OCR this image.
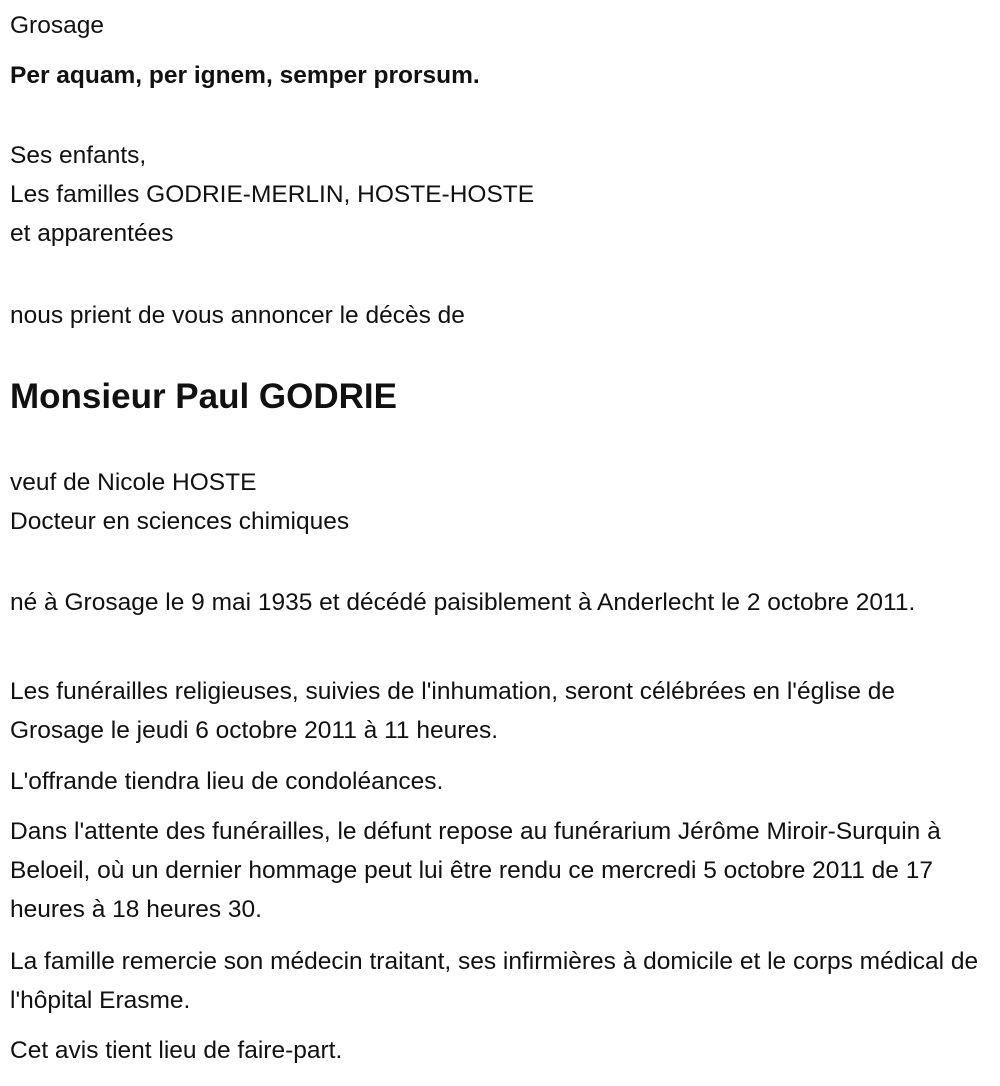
Grosage

Per aquam, per ignem, semper prorsum.

Ses enfants,
Les familles GODRIE-MERLIN, HOSTE-HOSTE
et apparentées

nous prient de vous annoncer le décès de

Monsieur Paul GODRIE

veuf de Nicole HOSTE
Docteur en sciences chimiques

né à Grosage le 9 mai 1935 et décédé paisiblement à Anderlecht le 2 octobre 2011.

Les funérailles religieuses, suivies de l'inhumation, seront célébrées en l'église de Grosage le jeudi 6 octobre 2011 à 11 heures.

L'offrande tiendra lieu de condoléances.

Dans l'attente des funérailles, le défunt repose au funérarium Jérôme Miroir-Surquin à Beloeil, où un dernier hommage peut lui être rendu ce mercredi 5 octobre 2011 de 17 heures à 18 heures 30.

La famille remercie son médecin traitant, ses infirmières à domicile et le corps médical de l'hôpital Erasme.

Cet avis tient lieu de faire-part.
